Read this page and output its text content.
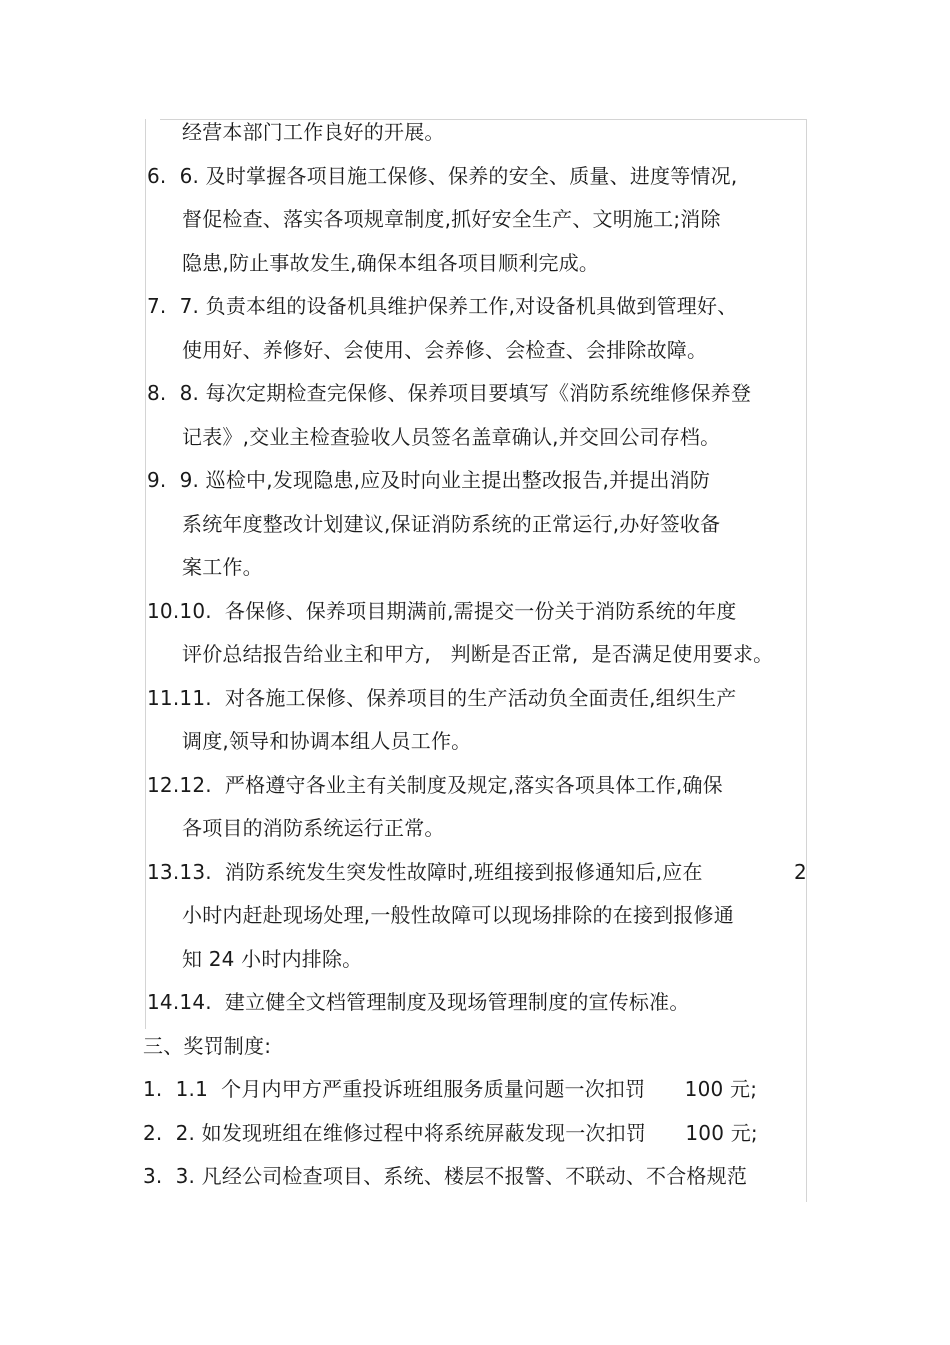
经营本部门工作良好的开展。
6.  6. 及时掌握各项目施工保修、保养的安全、质量、进度等情况,
督促检查、落实各项规章制度,抓好安全生产、文明施工;消除
隐患,防止事故发生,确保本组各项目顺利完成。
7.  7. 负责本组的设备机具维护保养工作,对设备机具做到管理好、
使用好、养修好、会使用、会养修、会检查、会排除故障。
8.  8. 每次定期检查完保修、保养项目要填写《消防系统维修保养登
记表》,交业主检查验收人员签名盖章确认,并交回公司存档。
9.  9. 巡检中,发现隐患,应及时向业主提出整改报告,并提出消防
系统年度整改计划建议,保证消防系统的正常运行,办好签收备
案工作。
10.10.  各保修、保养项目期满前,需提交一份关于消防系统的年度
评价总结报告给业主和甲方,   判断是否正常,  是否满足使用要求。
11.11.  对各施工保修、保养项目的生产活动负全面责任,组织生产
调度,领导和协调本组人员工作。
12.12.  严格遵守各业主有关制度及规定,落实各项具体工作,确保
各项目的消防系统运行正常。
13.13.  消防系统发生突发性故障时,班组接到报修通知后,应在	2
小时内赶赴现场处理,一般性故障可以现场排除的在接到报修通
知 24 小时内排除。
14.14.  建立健全文档管理制度及现场管理制度的宣传标准。
三、奖罚制度:
1.  1.1  个月内甲方严重投诉班组服务质量问题一次扣罚      100 元;
2.  2. 如发现班组在维修过程中将系统屏蔽发现一次扣罚      100 元;
3.  3. 凡经公司检查项目、系统、楼层不报警、不联动、不合格规范
